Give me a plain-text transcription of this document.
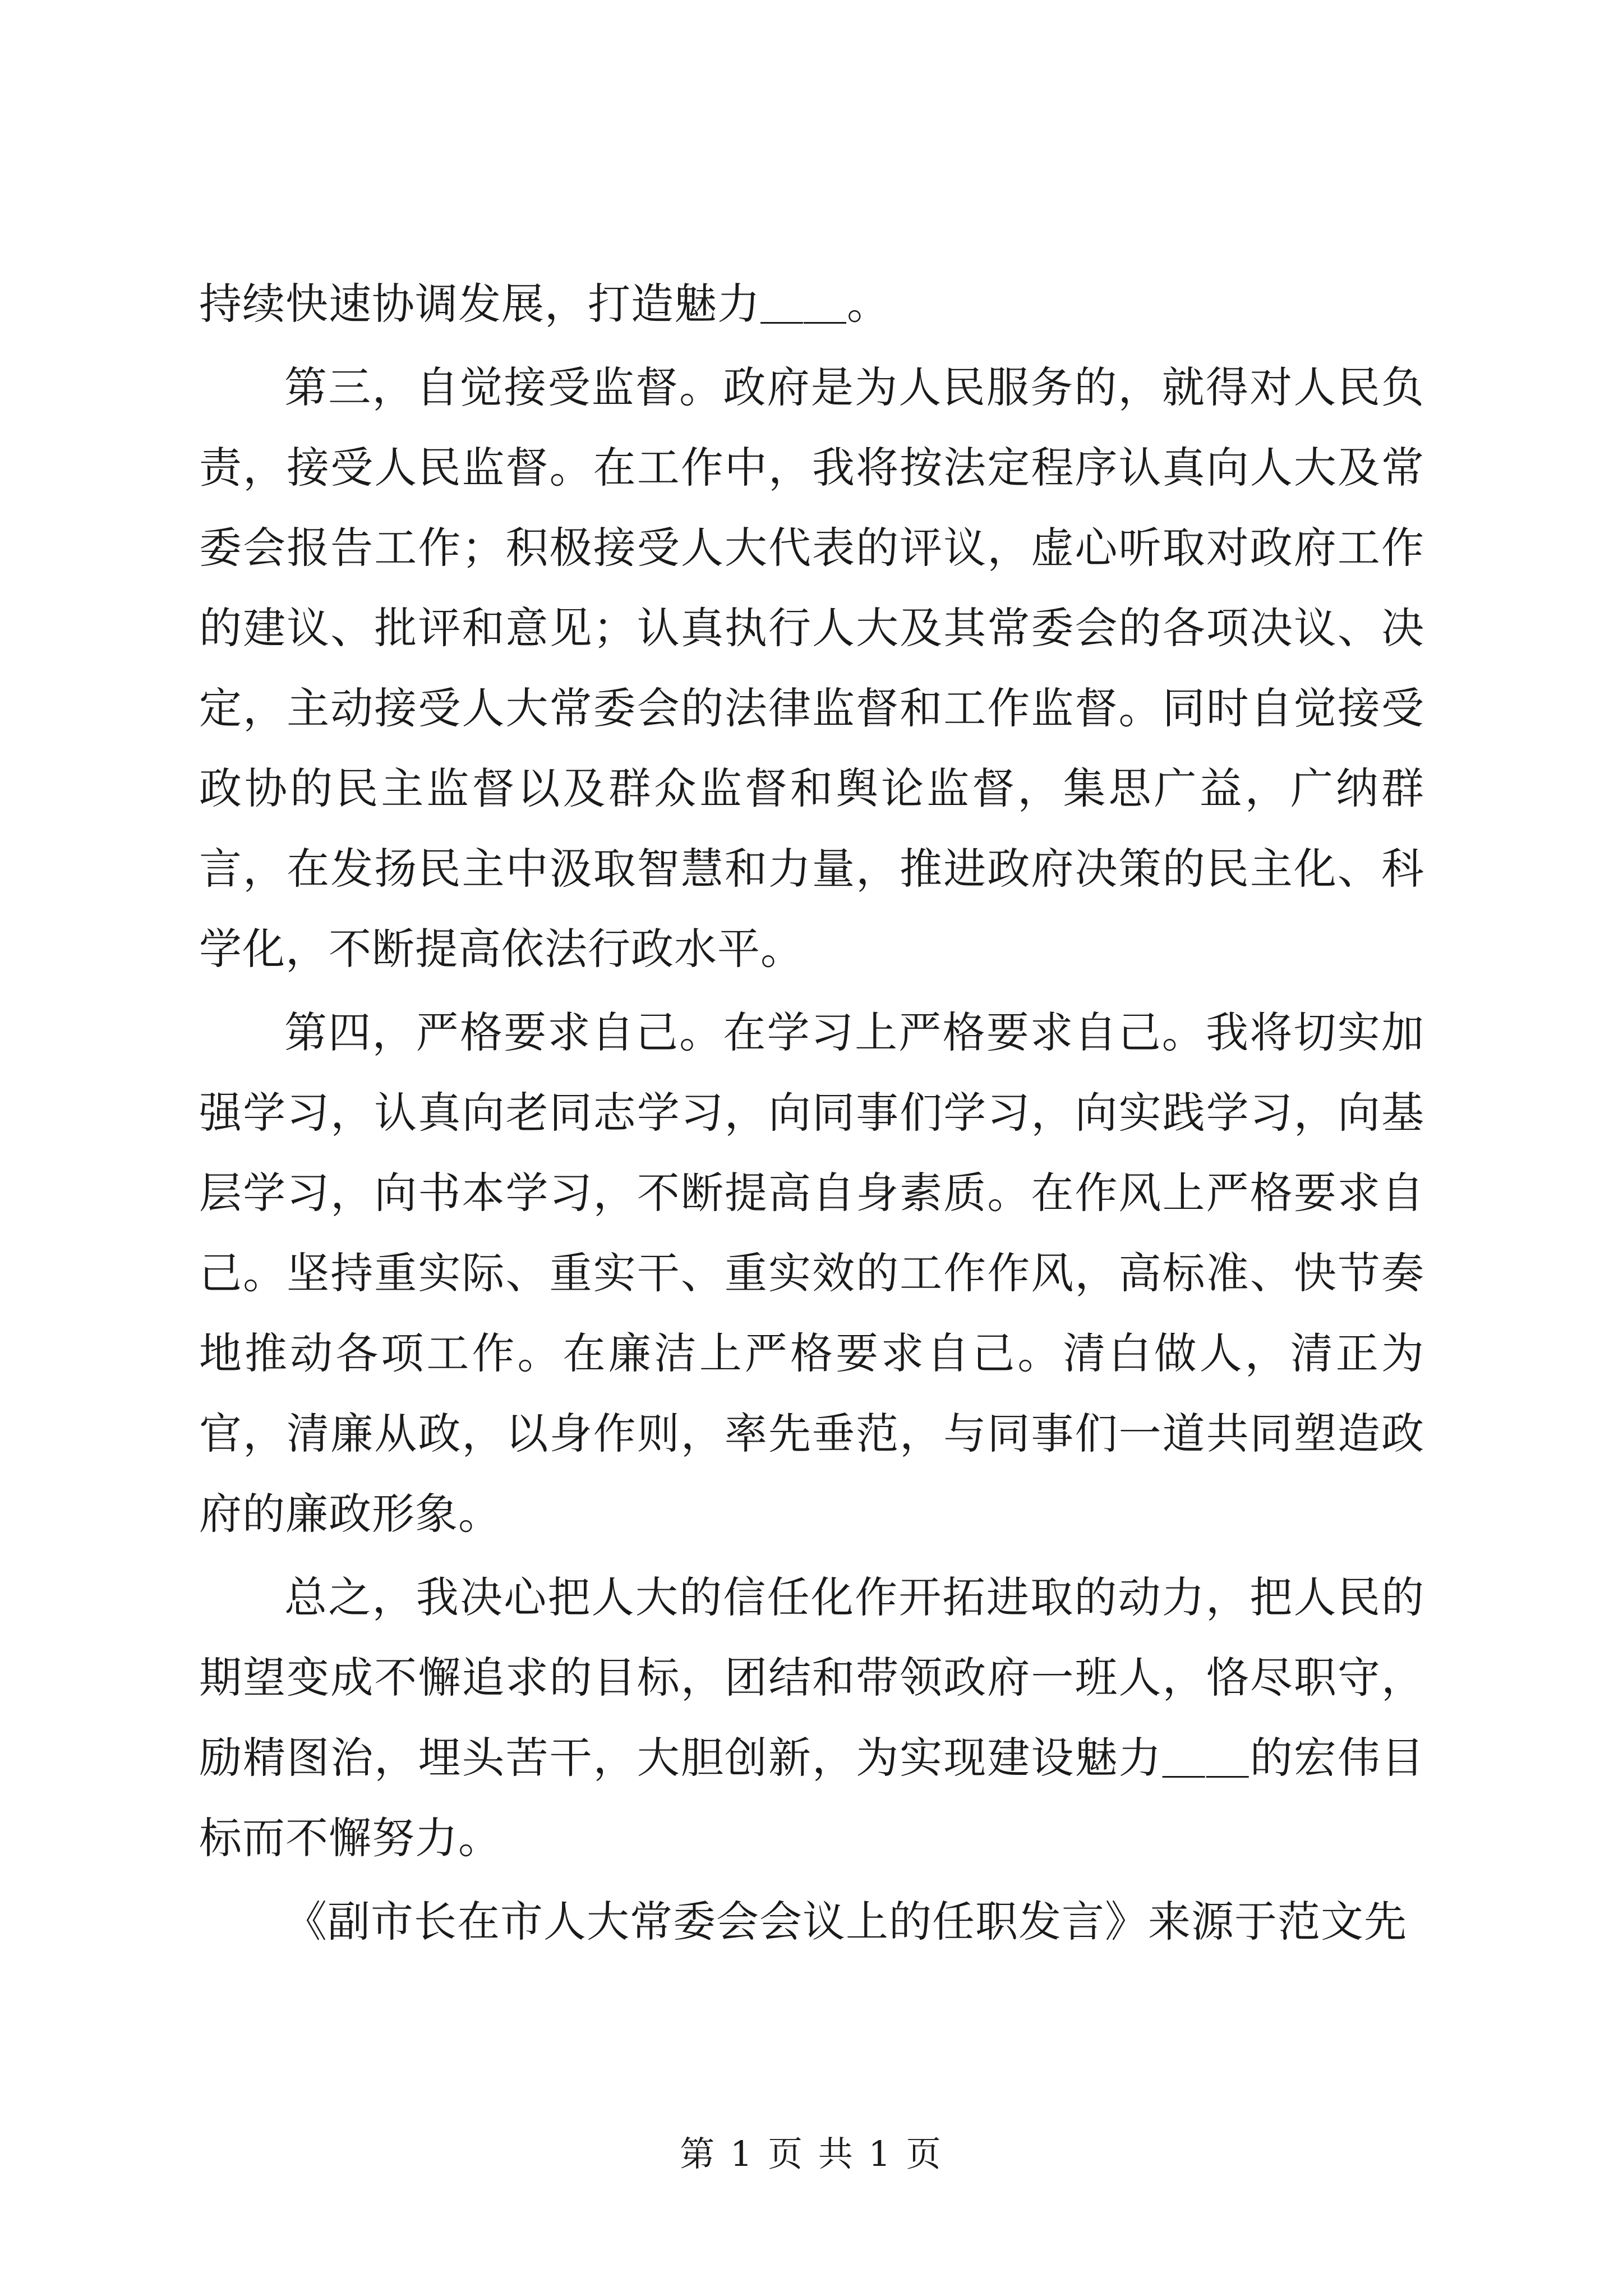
持续快速协调发展，打造魅力＿＿。

第三，自觉接受监督。政府是为人民服务的，就得对人民负责，接受人民监督。在工作中，我将按法定程序认真向人大及常委会报告工作；积极接受人大代表的评议，虚心听取对政府工作的建议、批评和意见；认真执行人大及其常委会的各项决议、决定，主动接受人大常委会的法律监督和工作监督。同时自觉接受政协的民主监督以及群众监督和舆论监督，集思广益，广纳群言，在发扬民主中汲取智慧和力量，推进政府决策的民主化、科学化，不断提高依法行政水平。

第四，严格要求自己。在学习上严格要求自己。我将切实加强学习，认真向老同志学习，向同事们学习，向实践学习，向基层学习，向书本学习，不断提高自身素质。在作风上严格要求自己。坚持重实际、重实干、重实效的工作作风，高标准、快节奏地推动各项工作。在廉洁上严格要求自己。清白做人，清正为官，清廉从政，以身作则，率先垂范，与同事们一道共同塑造政府的廉政形象。

总之，我决心把人大的信任化作开拓进取的动力，把人民的期望变成不懈追求的目标，团结和带领政府一班人，恪尽职守，励精图治，埋头苦干，大胆创新，为实现建设魅力＿＿的宏伟目标而不懈努力。

《副市长在市人大常委会会议上的任职发言》来源于范文先

第 1 页 共 1 页
